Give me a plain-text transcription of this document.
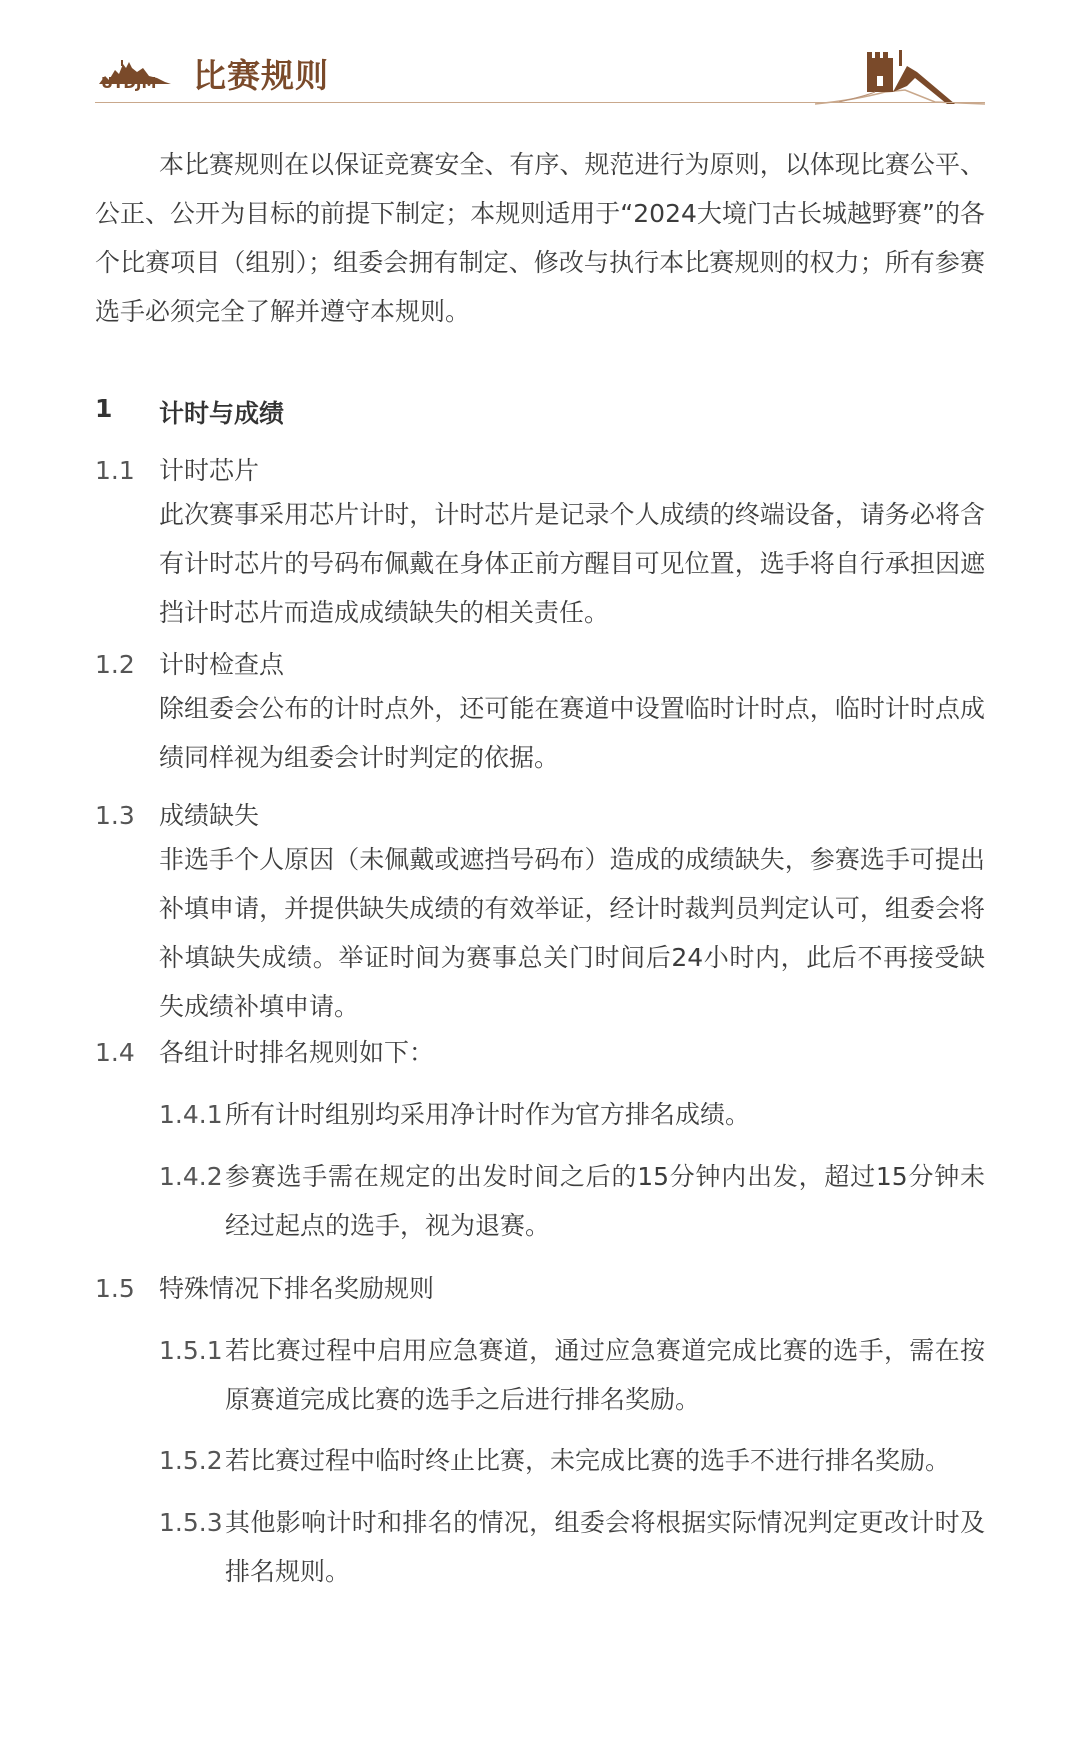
UTDJM 比赛规则

本比赛规则在以保证竞赛安全、有序、规范进行为原则，以体现比赛公平、公正、公开为目标的前提下制定；本规则适用于“2024大境门古长城越野赛”的各个比赛项目（组别）；组委会拥有制定、修改与执行本比赛规则的权力；所有参赛选手必须完全了解并遵守本规则。

1 计时与成绩
1.1 计时芯片

此次赛事采用芯片计时，计时芯片是记录个人成绩的终端设备，请务必将含有计时芯片的号码布佩戴在身体正前方醒目可见位置，选手将自行承担因遮挡计时芯片而造成成绩缺失的相关责任。

1.2 计时检查点

除组委会公布的计时点外，还可能在赛道中设置临时计时点，临时计时点成绩同样视为组委会计时判定的依据。

1.3 成绩缺失

非选手个人原因（未佩戴或遮挡号码布）造成的成绩缺失，参赛选手可提出补填申请，并提供缺失成绩的有效举证，经计时裁判员判定认可，组委会将补填缺失成绩。举证时间为赛事总关门时间后24小时内，此后不再接受缺失成绩补填申请。

1.4 各组计时排名规则如下：
1.4.1 所有计时组别均采用净计时作为官方排名成绩。
1.4.2 参赛选手需在规定的出发时间之后的15分钟内出发，超过15分钟未经过起点的选手，视为退赛。
1.5 特殊情况下排名奖励规则
1.5.1 若比赛过程中启用应急赛道，通过应急赛道完成比赛的选手，需在按原赛道完成比赛的选手之后进行排名奖励。
1.5.2 若比赛过程中临时终止比赛，未完成比赛的选手不进行排名奖励。
1.5.3 其他影响计时和排名的情况，组委会将根据实际情况判定更改计时及排名规则。
